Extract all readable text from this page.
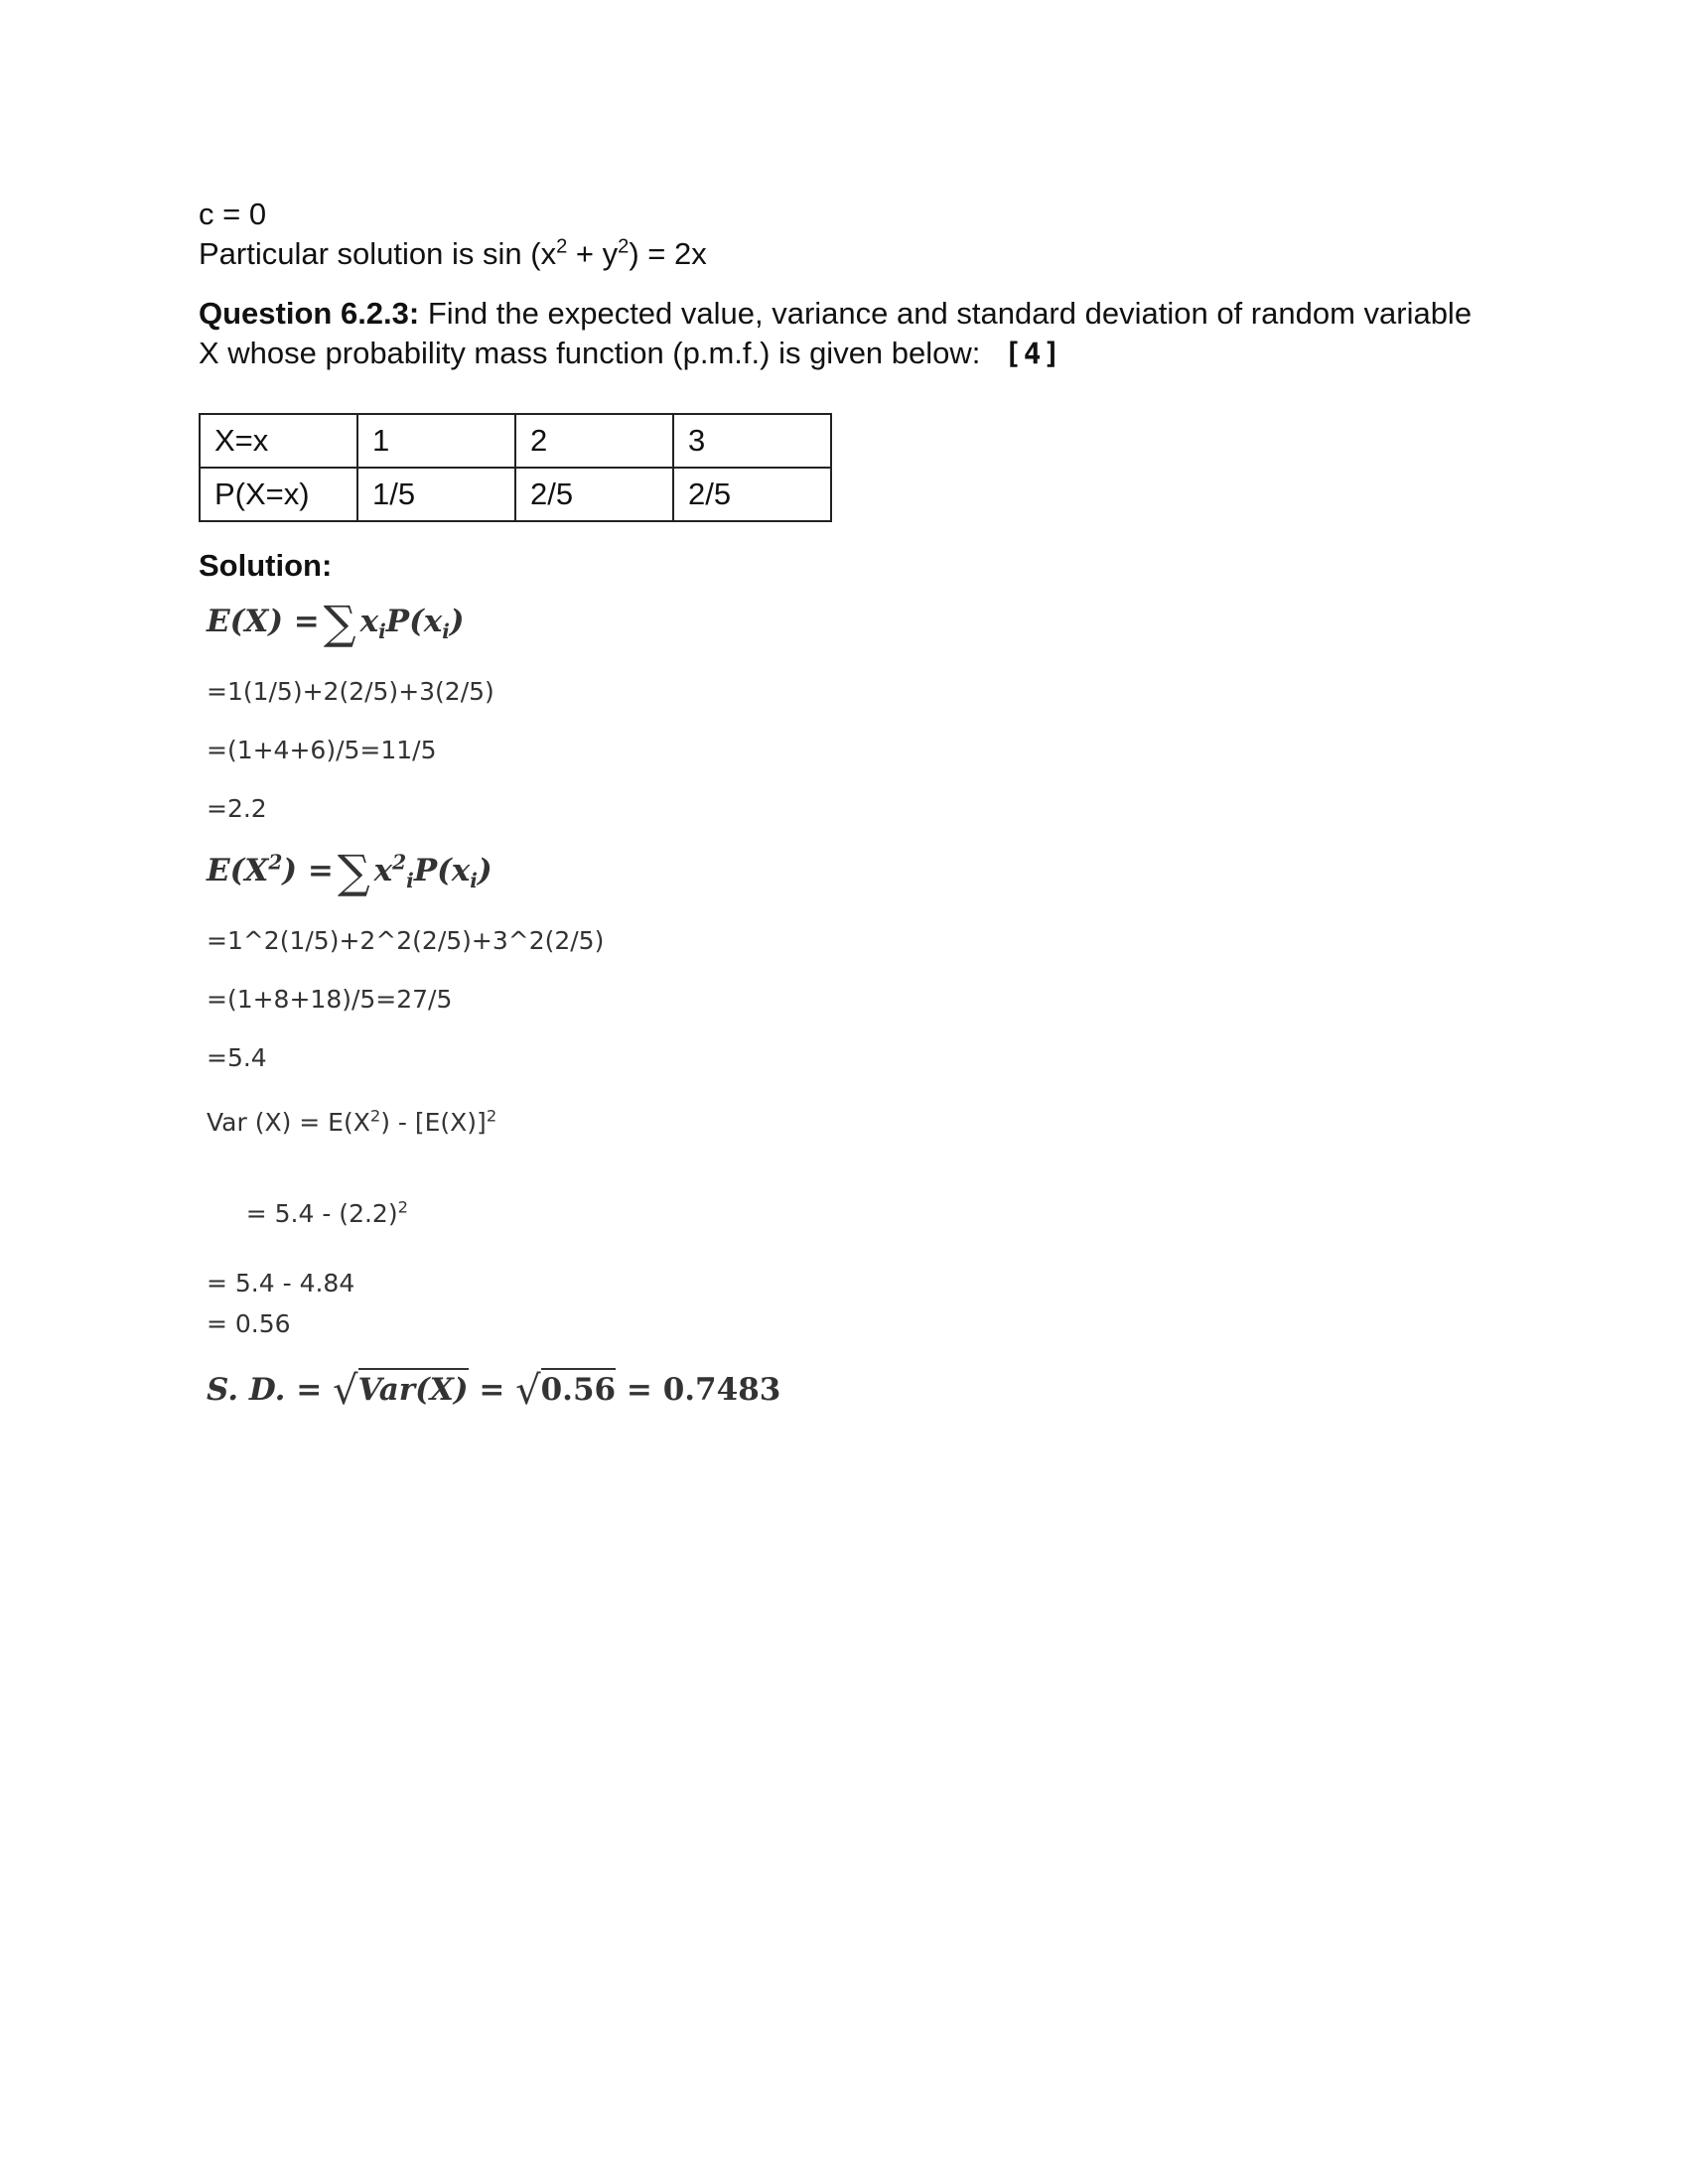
c = 0
Particular solution is $\sin (x^2 + y^2) = 2x$
Question 6.2.3: Find the expected value, variance and standard deviation of random variable X whose probability mass function (p.m.f.) is given below: [4]
X=x	1	2	3
P(X=x)	1/5	2/5	2/5
Solution:
E(X) =∑ $x_iP(x_i)$
=1(1/5)+2(2/5)+3(2/5)
=(1+4+6)/5=11/5
=2.2
$E(X^2)$ =∑ $x^2_iP(x_i)$
=1^2(1/5)+2^2(2/5)+3^2(2/5)
=(1+8+18)/5=27/5
=5.4
Var $(X) = E(X^2) - [E(X)]^2$

= $5.4 - (2.2)^2$

= 5.4 - 4.84
= 0.56
S. D. = √Var(X) = √0.56 = 0.7483
